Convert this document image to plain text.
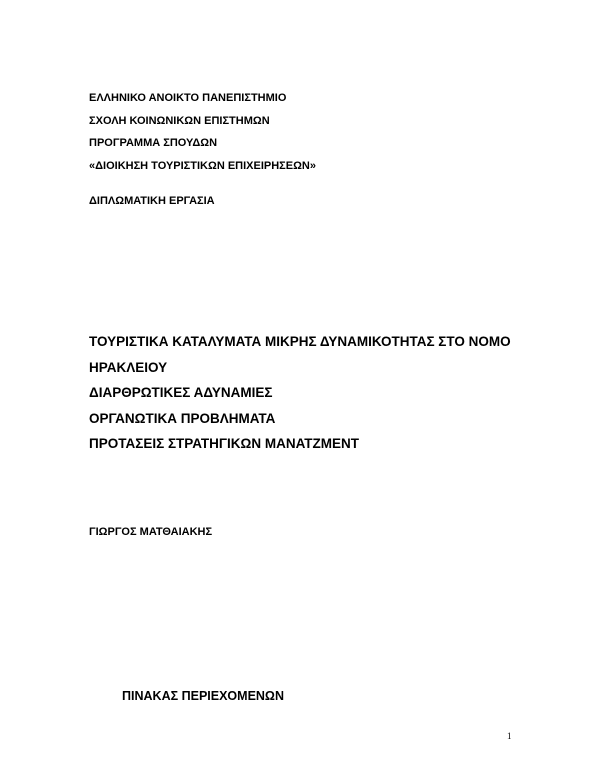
ΕΛΛΗΝΙΚΟ ΑΝΟΙΚΤΟ ΠΑΝΕΠΙΣΤΗΜΙΟ
ΣΧΟΛΗ ΚΟΙΝΩΝΙΚΩΝ ΕΠΙΣΤΗΜΩΝ
ΠΡΟΓΡΑΜΜΑ ΣΠΟΥΔΩΝ
«ΔΙΟΙΚΗΣΗ ΤΟΥΡΙΣΤΙΚΩΝ ΕΠΙΧΕΙΡΗΣΕΩΝ»
ΔΙΠΛΩΜΑΤΙΚΗ ΕΡΓΑΣΙΑ
ΤΟΥΡΙΣΤΙΚΑ ΚΑΤΑΛΥΜΑΤΑ ΜΙΚΡΗΣ ΔΥΝΑΜΙΚΟΤΗΤΑΣ ΣΤΟ ΝΟΜΟ
ΗΡΑΚΛΕΙΟΥ
ΔΙΑΡΘΡΩΤΙΚΕΣ ΑΔΥΝΑΜΙΕΣ
ΟΡΓΑΝΩΤΙΚΑ ΠΡΟΒΛΗΜΑΤΑ
ΠΡΟΤΑΣΕΙΣ ΣΤΡΑΤΗΓΙΚΩΝ ΜΑΝΑΤΖΜΕΝΤ
ΓΙΩΡΓΟΣ ΜΑΤΘΑΙΑΚΗΣ
ΠΙΝΑΚΑΣ ΠΕΡΙΕΧΟΜΕΝΩΝ
1
